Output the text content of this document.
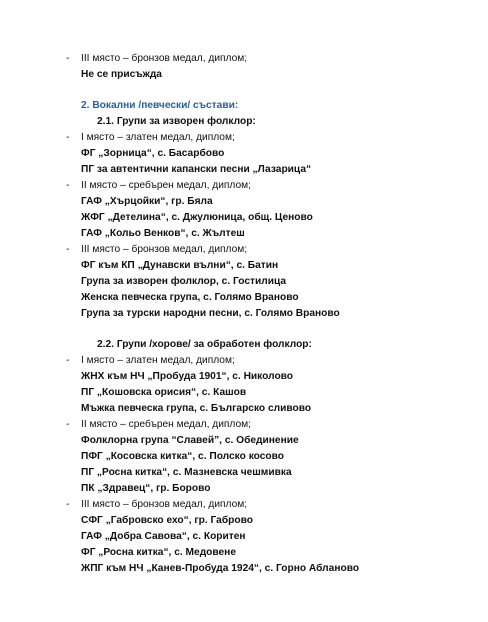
- III място – бронзов медал, диплом;
Не се присъжда
2. Вокални /певчески/ състави:
2.1. Групи за изворен фолклор:
- I място – златен медал, диплом;
ФГ „Зорница“, с. Басарбово
ПГ за автентични капански песни „Лазарица“
- II място – сребърен медал, диплом;
ГАФ „Хърцойки“, гр. Бяла
ЖФГ „Детелина“, с. Джулюница, общ. Ценово
ГАФ „Кольо Венков“, с. Жълтеш
- III място – бронзов медал, диплом;
ФГ към КП „Дунавски вълни“, с. Батин
Група за изворен фолклор, с. Гостилица
Женска певческа група, с. Голямо Враново
Група за турски народни песни, с. Голямо Враново
2.2. Групи /хорове/ за обработен фолклор:
- I място – златен медал, диплом;
ЖНХ към НЧ „Пробуда 1901“, с. Николово
ПГ „Кошовска орисия“, с. Кашов
Мъжка певческа група, с. Българско сливово
- II място – сребърен медал, диплом;
Фолклорна група “Славей”, с. Обединение
ПФГ „Косовска китка“, с. Полско косово
ПГ „Росна китка“, с. Мазневска чешмивка
ПК „Здравец“, гр. Борово
- III място – бронзов медал, диплом;
СФГ „Габровско ехо“, гр. Габрово
ГАФ „Добра Савова“, с. Коритен
ФГ „Росна китка“, с. Медовене
ЖПГ към НЧ „Канев-Пробуда 1924“, с. Горно Абланово
